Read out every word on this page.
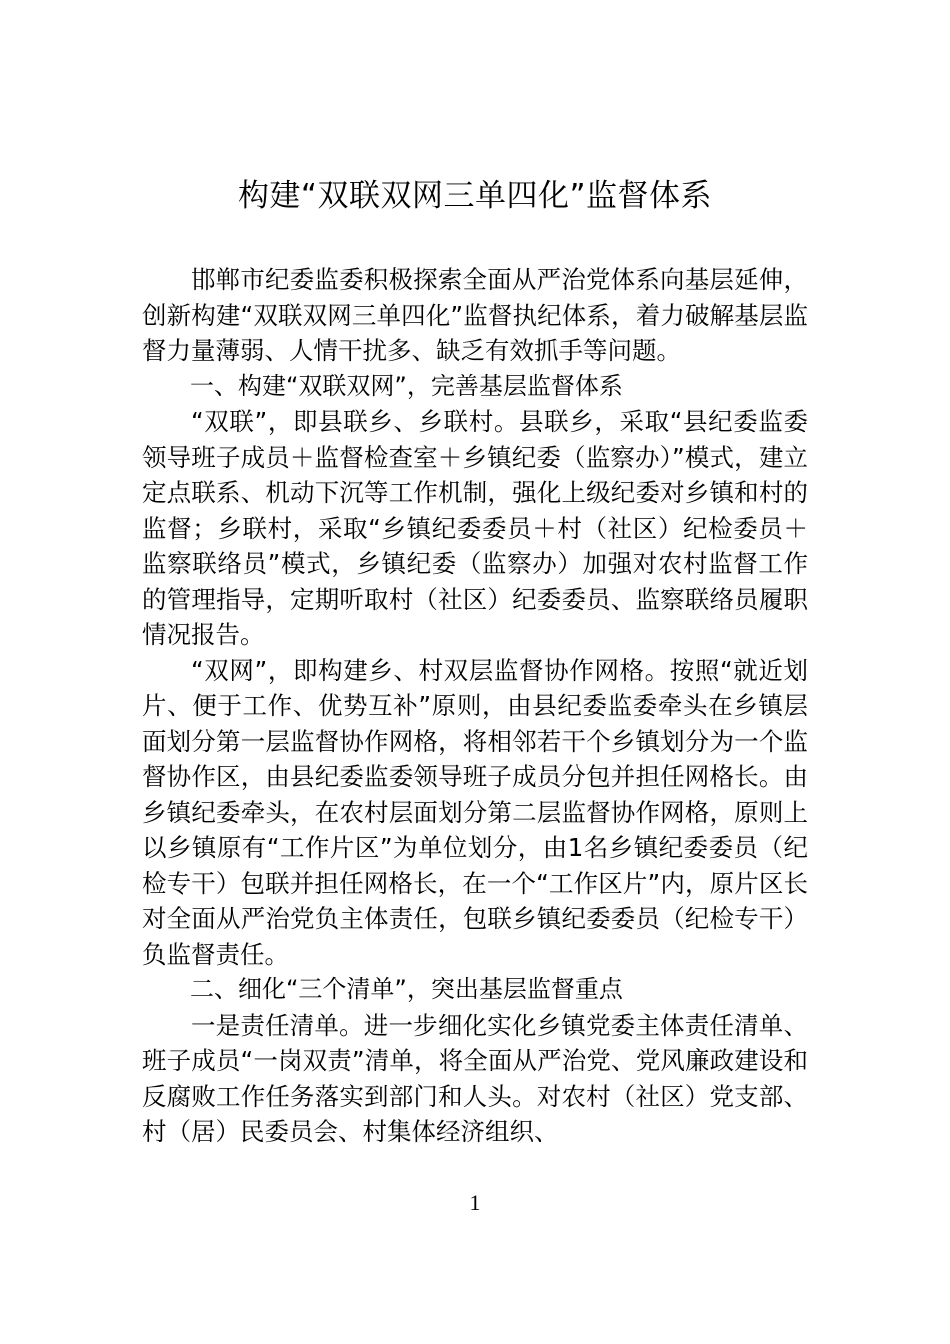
构建“双联双网三单四化”监督体系

邯郸市纪委监委积极探索全面从严治党体系向基层延伸，创新构建“双联双网三单四化”监督执纪体系，着力破解基层监督力量薄弱、人情干扰多、缺乏有效抓手等问题。

一、构建“双联双网”，完善基层监督体系

“双联”，即县联乡、乡联村。县联乡，采取“县纪委监委领导班子成员＋监督检查室＋乡镇纪委（监察办）”模式，建立定点联系、机动下沉等工作机制，强化上级纪委对乡镇和村的监督；乡联村，采取“乡镇纪委委员＋村（社区）纪检委员＋监察联络员”模式，乡镇纪委（监察办）加强对农村监督工作的管理指导，定期听取村（社区）纪委委员、监察联络员履职情况报告。

“双网”，即构建乡、村双层监督协作网格。按照“就近划片、便于工作、优势互补”原则，由县纪委监委牵头在乡镇层面划分第一层监督协作网格，将相邻若干个乡镇划分为一个监督协作区，由县纪委监委领导班子成员分包并担任网格长。由乡镇纪委牵头，在农村层面划分第二层监督协作网格，原则上以乡镇原有“工作片区”为单位划分，由1名乡镇纪委委员（纪检专干）包联并担任网格长，在一个“工作区片”内，原片区长对全面从严治党负主体责任，包联乡镇纪委委员（纪检专干）负监督责任。

二、细化“三个清单”，突出基层监督重点

一是责任清单。进一步细化实化乡镇党委主体责任清单、班子成员“一岗双责”清单，将全面从严治党、党风廉政建设和反腐败工作任务落实到部门和人头。对农村（社区）党支部、村（居）民委员会、村集体经济组织、

1
